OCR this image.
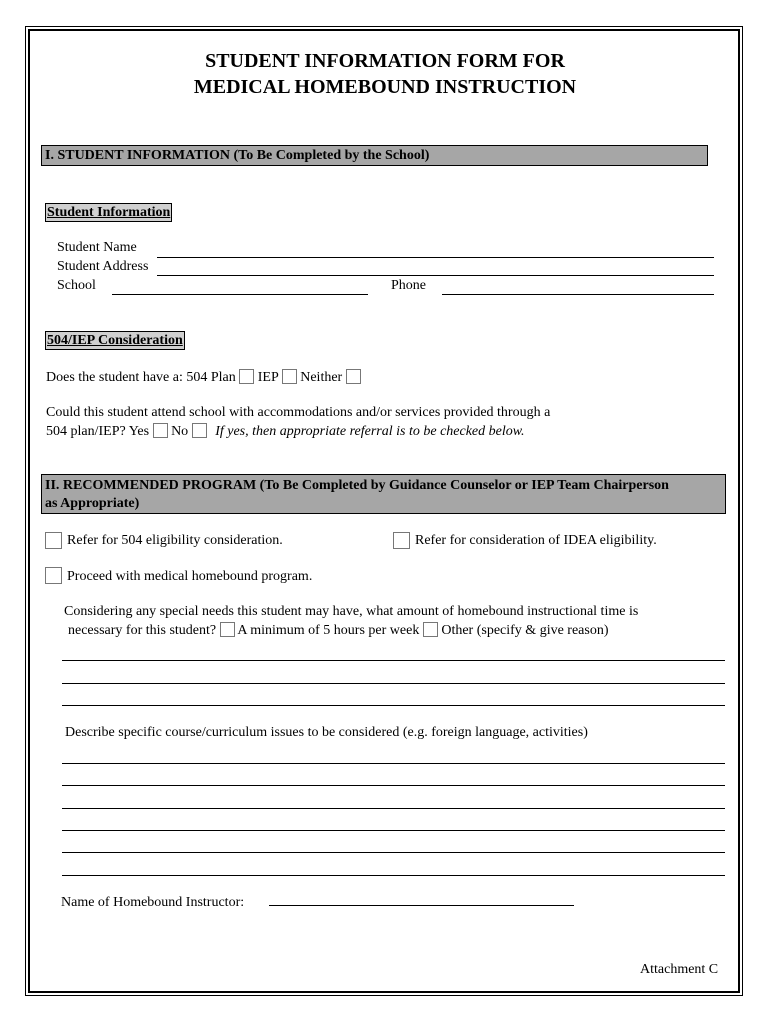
STUDENT INFORMATION FORM FOR
MEDICAL HOMEBOUND INSTRUCTION
I. STUDENT INFORMATION (To Be Completed by the School)
Student Information
Student Name
Student Address
School	Phone
504/IEP Consideration
Does the student have a: 504 Plan IEP Neither
Could this student attend school with accommodations and/or services provided through a
504 plan/IEP? Yes No If yes, then appropriate referral is to be checked below.
II. RECOMMENDED PROGRAM (To Be Completed by Guidance Counselor or IEP Team Chairperson
as Appropriate)
Refer for 504 eligibility consideration.	Refer for consideration of IDEA eligibility.
Proceed with medical homebound program.
Considering any special needs this student may have, what amount of homebound instructional time is
necessary for this student? A minimum of 5 hours per week Other (specify & give reason)
Describe specific course/curriculum issues to be considered (e.g. foreign language, activities)
Name of Homebound Instructor:
Attachment C
